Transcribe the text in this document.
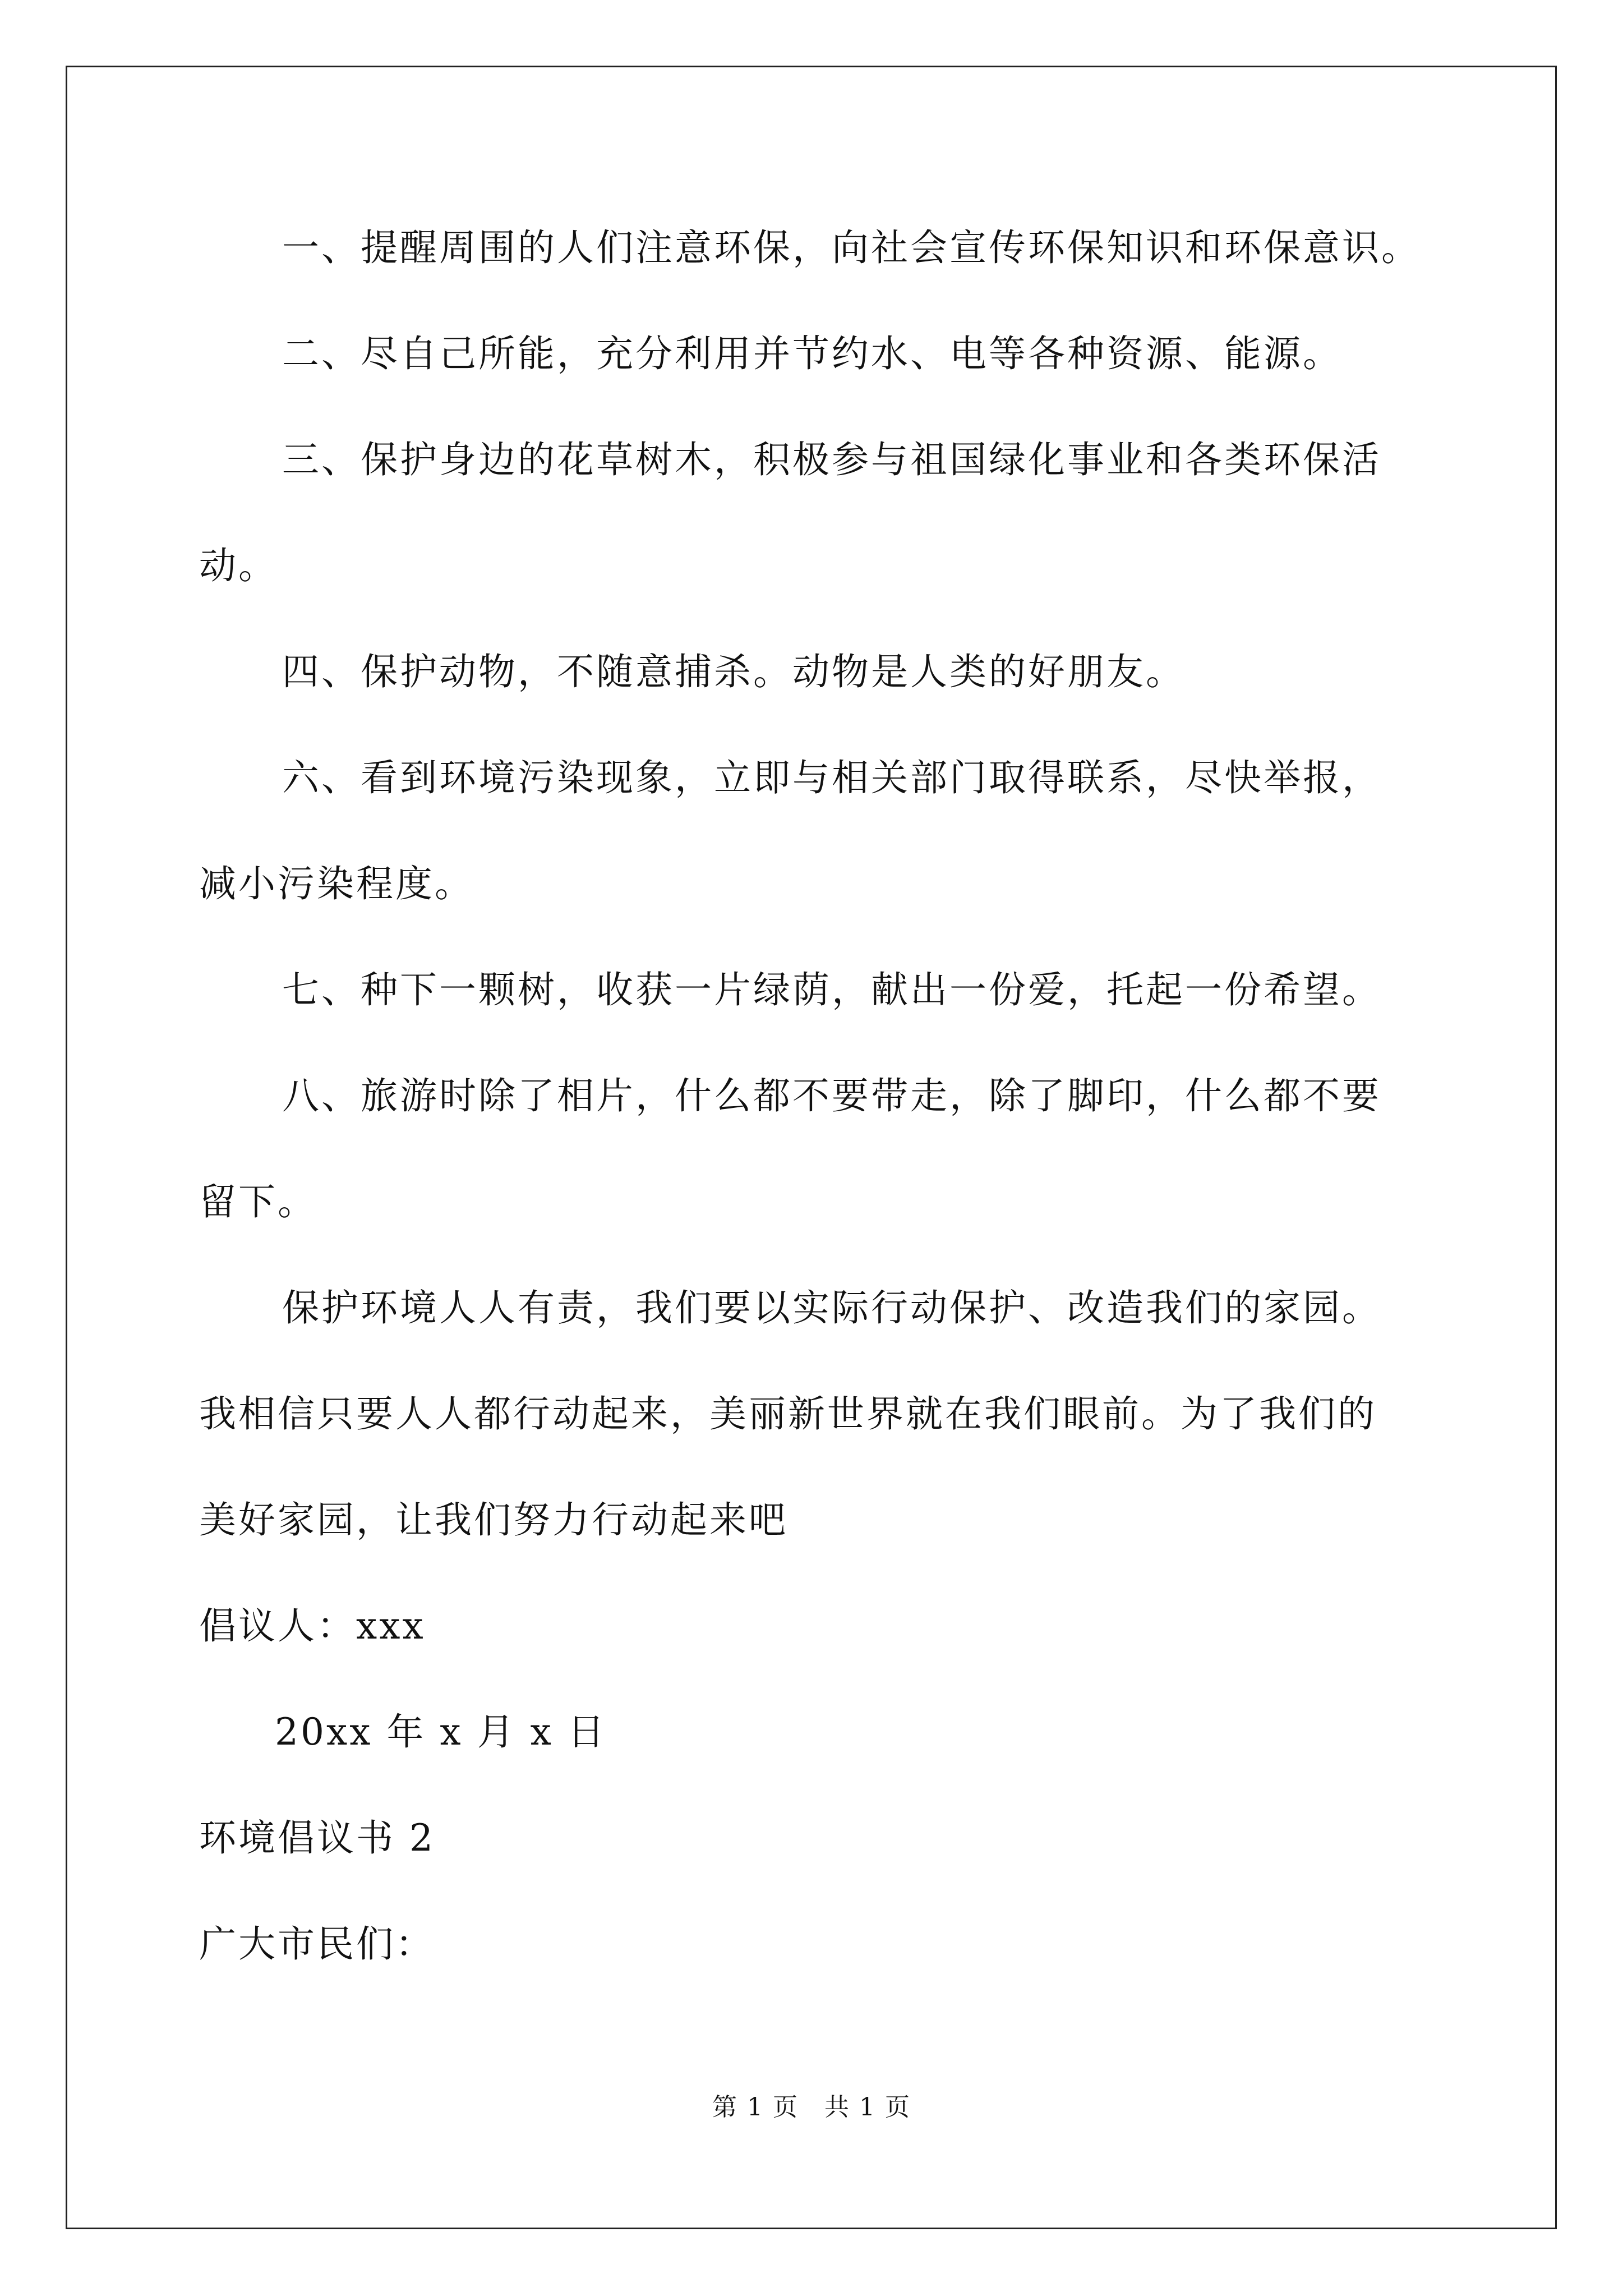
一、提醒周围的人们注意环保，向社会宣传环保知识和环保意识。
二、尽自己所能，充分利用并节约水、电等各种资源、能源。
三、保护身边的花草树木，积极参与祖国绿化事业和各类环保活
动。
四、保护动物，不随意捕杀。动物是人类的好朋友。
六、看到环境污染现象，立即与相关部门取得联系，尽快举报，
减小污染程度。
七、种下一颗树，收获一片绿荫，献出一份爱，托起一份希望。
八、旅游时除了相片，什么都不要带走，除了脚印，什么都不要
留下。
保护环境人人有责，我们要以实际行动保护、改造我们的家园。
我相信只要人人都行动起来，美丽新世界就在我们眼前。为了我们的
美好家园，让我们努力行动起来吧
倡议人：xxx
20xx 年 x 月 x 日
环境倡议书 2
广大市民们：
第 1 页 共 1 页
